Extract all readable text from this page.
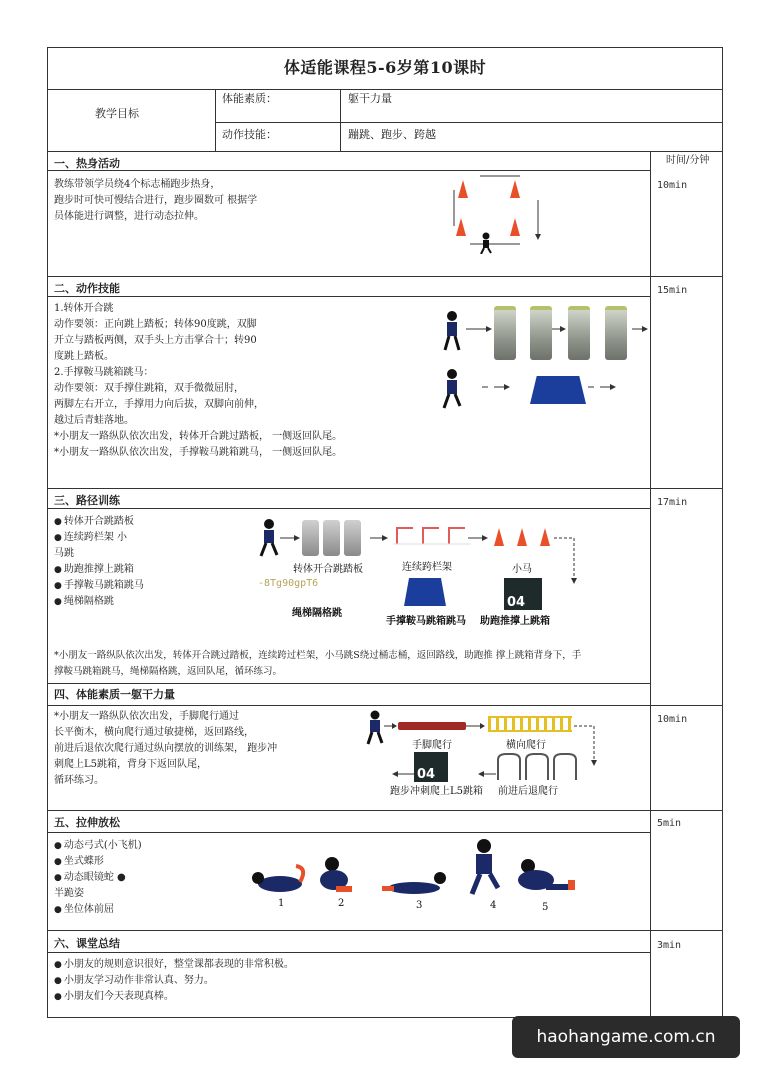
体适能课程5-6岁第10课时
教学目标
体能素质：	躯干力量
动作技能：	蹦跳、跑步、跨越
时间/分钟
一、热身活动
10min
教练带领学员绕4个标志桶跑步热身，
跑步时可快可慢结合进行，跑步圈数可 根据学
员体能进行调整，进行动态拉伸。
二、动作技能	15min
1.转体开合跳
动作要领：正向跳上踏板；转体90度跳，双脚
开立与踏板两侧，双手头上方击掌合十；转90
度跳上踏板。
2.手撑鞍马跳箱跳马：
动作要领：双手撑住跳箱，双手微微屈肘，
两脚左右开立，手撑用力向后拔，双脚向前伸，
越过后青蛙落地。
*小朋友一路纵队依次出发，转体开合跳过踏板， 一侧返回队尾。
*小朋友一路纵队依次出发，手撑鞍马跳箱跳马， 一侧返回队尾。
三、路径训练	17min
● 转体开合跳踏板
● 连续跨栏架 小
马跳
● 助跑推撑上跳箱
● 手撑鞍马跳箱跳马
● 绳梯隔格跳
转体开合跳踏板	连续跨栏架	小马
-8Tg90gpT6
绳梯隔格跳
手撑鞍马跳箱跳马
04
助跑推撑上跳箱
*小朋友一路纵队依次出发，转体开合跳过踏板，连续跨过栏架，小马跳S绕过桶志桶，返回路线，助跑推 撑上跳箱背身下，手
撑鞍马跳箱跳马，绳梯隔格跳，返回队尾，循环练习。
四、体能素质一躯干力量
10min
*小朋友一路纵队依次出发，手脚爬行通过
长平衡木，横向爬行通过敏捷梯，返回路线，
前进后退依次爬行通过纵向摆放的训练架， 跑步冲
刺爬上L5跳箱，背身下返回队尾，
循环练习。
手脚爬行	横向爬行
04
跑步冲刺爬上L5跳箱 前进后退爬行
五、拉伸放松	5min
● 动态弓式(小飞机)
● 坐式蝶形
● 动态眼镜蛇 ●
半跪姿
● 坐位体前屈
1	2	3	4	5
六、课堂总结	3min
● 小朋友的规则意识很好，整堂课都表现的非常积极。
● 小朋友学习动作非常认真、努力。
● 小朋友们今天表现真棒。
haohangame.com.cn
